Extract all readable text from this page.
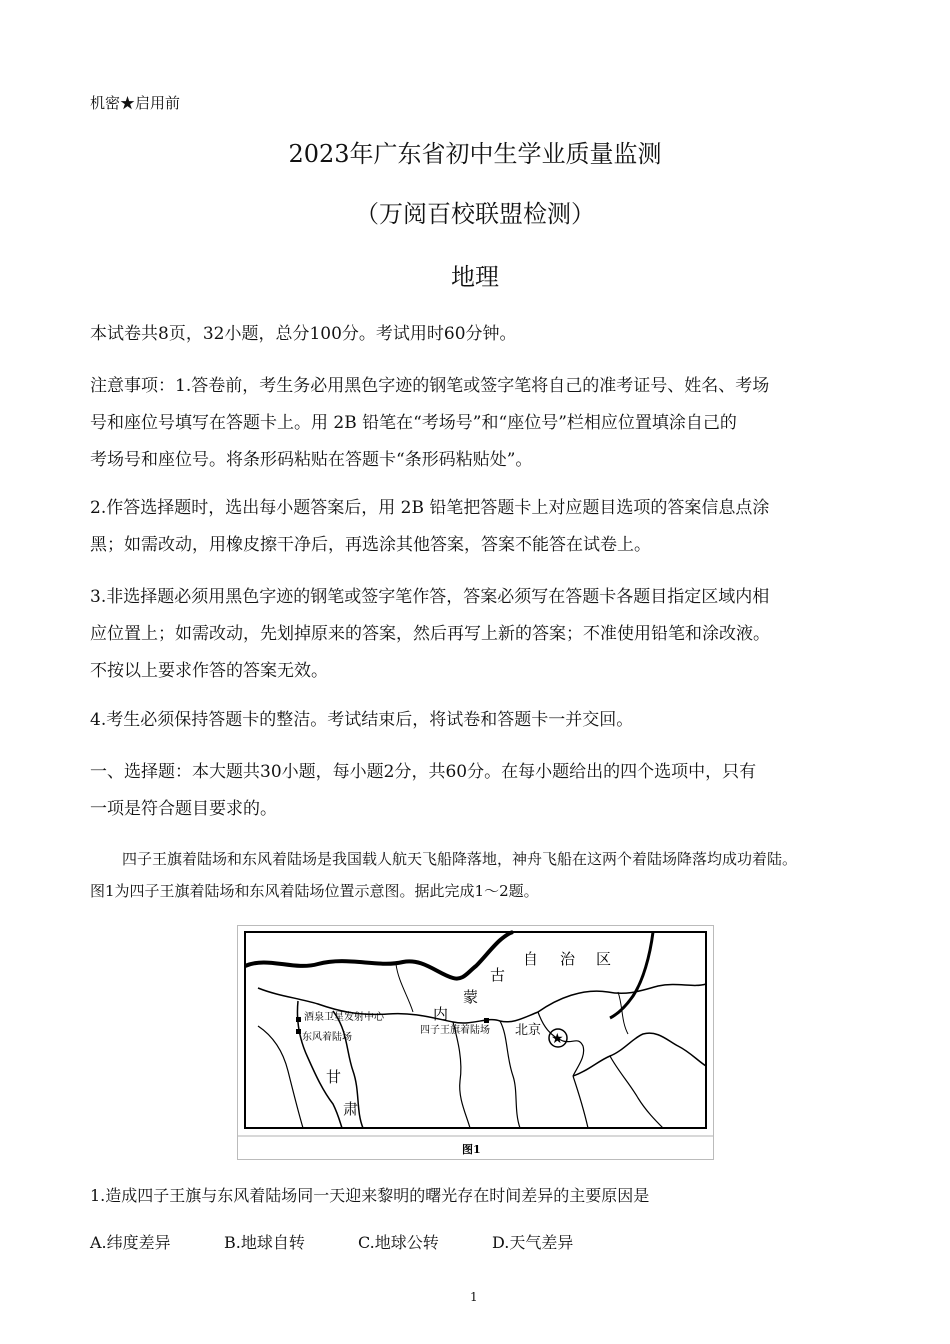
机密★启用前
2023年广东省初中生学业质量监测
（万阅百校联盟检测）
地理
本试卷共8页，32小题，总分100分。考试用时60分钟。
注意事项：1.答卷前，考生务必用黑色字迹的钢笔或签字笔将自己的准考证号、姓名、考场
号和座位号填写在答题卡上。用 2B 铅笔在“考场号”和“座位号”栏相应位置填涂自己的
考场号和座位号。将条形码粘贴在答题卡“条形码粘贴处”。
2.作答选择题时，选出每小题答案后，用 2B 铅笔把答题卡上对应题目选项的答案信息点涂
黑；如需改动，用橡皮擦干净后，再选涂其他答案，答案不能答在试卷上。
3.非选择题必须用黑色字迹的钢笔或签字笔作答，答案必须写在答题卡各题目指定区域内相
应位置上；如需改动，先划掉原来的答案，然后再写上新的答案；不准使用铅笔和涂改液。
不按以上要求作答的答案无效。
4.考生必须保持答题卡的整洁。考试结束后，将试卷和答题卡一并交回。
一、选择题：本大题共30小题，每小题2分，共60分。在每小题给出的四个选项中，只有
一项是符合题目要求的。
四子王旗着陆场和东风着陆场是我国载人航天飞船降落地，神舟飞船在这两个着陆场降落均成功着陆。
图1为四子王旗着陆场和东风着陆场位置示意图。据此完成1～2题。
★
自 治 区
古
蒙
内
酒泉卫星发射中心
东风着陆场
四子王旗着陆场 北京
甘
肃
图1
1.造成四子王旗与东风着陆场同一天迎来黎明的曙光存在时间差异的主要原因是
A.纬度差异	B.地球自转	C.地球公转	D.天气差异
1
